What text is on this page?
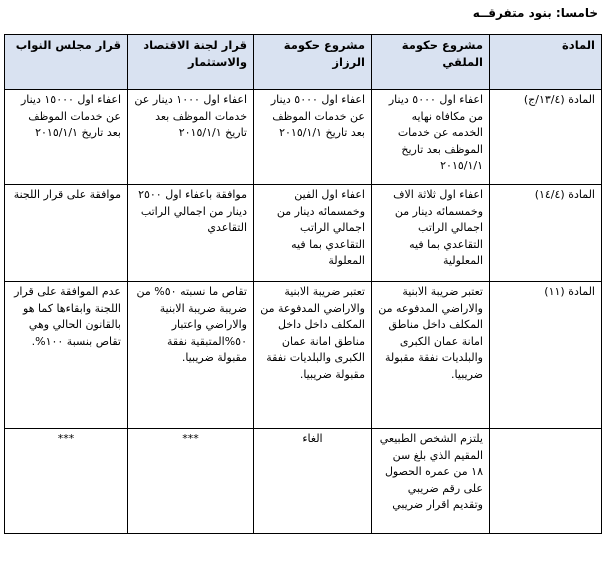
خامسا: بنود متفرقــه
المادة	مشروع حكومة الملقي	مشروع حكومة الرزاز	قرار لجنة الاقتصاد والاستثمار	قرار مجلس النواب
المادة (١٣/٤/ج)	اعفاء اول ٥٠٠٠ دينار من مكافاه نهايه الخدمه عن خدمات الموظف بعد تاريخ ٢٠١٥/١/١	اعفاء اول ٥٠٠٠ دينار عن خدمات الموظف بعد تاريخ ٢٠١٥/١/١	اعفاء اول ١٠٠٠ دينار عن خدمات الموظف بعد تاريخ ٢٠١٥/١/١	اعفاء اول ١٥٠٠٠ دينار عن خدمات الموظف بعد تاريخ ٢٠١٥/١/١
المادة (١٤/٤)	اعفاء اول ثلاثة الاف وخمسمائه دينار من اجمالي الراتب التقاعدي بما فيه المعلولية	اعفاء اول الفين وخمسمائه دينار من اجمالي الراتب التقاعدي بما فيه المعلولة	موافقة باعفاء اول ٢٥٠٠ دينار من اجمالي الراتب التقاعدي	موافقة على قرار اللجنة
المادة (١١)	تعتبر ضريبة الابنية والاراضي المدفوعه من المكلف داخل مناطق امانة عمان الكبرى والبلديات نفقة مقبولة ضريبيا.	تعتبر ضريبة الابنية والاراضي المدفوعة من المكلف داخل داخل مناطق امانة عمان الكبرى والبلديات نفقة مقبولة ضريبيا.	تقاص ما نسبته ٥٠% من ضريبة ضريبة الابنية والاراضي واعتبار ٥٠%المتبقية نفقة مقبولة ضريبيا.	عدم الموافقة على قرار اللجنة وابقاءها كما هو بالقانون الحالي وهي تقاص بنسبة ١٠٠%.
	يلتزم الشخص الطبيعي المقيم الذي بلغ سن ١٨ من عمره الحصول على رقم ضريبي وتقديم اقرار ضريبي	الغاء	***	***
